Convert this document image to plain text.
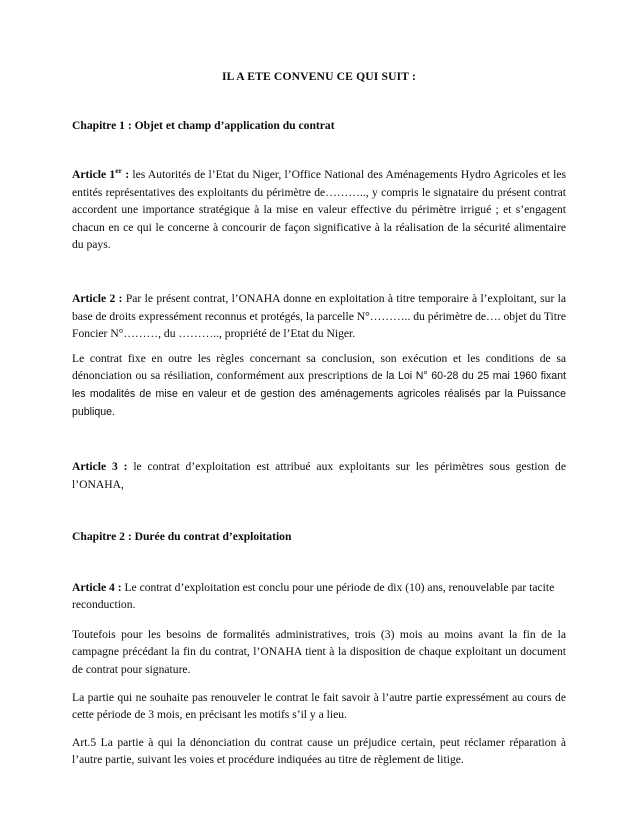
IL A ETE CONVENU CE QUI SUIT :
Chapitre 1 : Objet et champ d’application du contrat

Article 1er : les Autorités de l’Etat du Niger, l’Office National des Aménagements Hydro Agricoles et les entités représentatives des exploitants du périmètre de……….., y compris le signataire du présent contrat accordent une importance stratégique à la mise en valeur effective du périmètre irrigué ; et s’engagent chacun en ce qui le concerne à concourir de façon significative à la réalisation de la sécurité alimentaire du pays.

Article 2 : Par le présent contrat, l’ONAHA donne en exploitation à titre temporaire à l’exploitant, sur la base de droits expressément reconnus et protégés, la parcelle N°……….. du périmètre de…. objet du Titre Foncier N°………, du ……….., propriété de l’Etat du Niger.

Le contrat fixe en outre les règles concernant sa conclusion, son exécution et les conditions de sa dénonciation ou sa résiliation, conformément aux prescriptions de la Loi N° 60-28 du 25 mai 1960 fixant les modalités de mise en valeur et de gestion des aménagements agricoles réalisés par la Puissance publique.

Article 3 : le contrat d’exploitation est attribué aux exploitants sur les périmètres sous gestion de l’ONAHA,

Chapitre 2 : Durée du contrat d’exploitation

Article 4 : Le contrat d’exploitation est conclu pour une période de dix (10) ans, renouvelable par tacite reconduction.

Toutefois pour les besoins de formalités administratives, trois (3) mois au moins avant la fin de la campagne précédant la fin du contrat, l’ONAHA tient à la disposition de chaque exploitant un document de contrat pour signature.

La partie qui ne souhaite pas renouveler le contrat le fait savoir à l’autre partie expressément au cours de cette période de 3 mois, en précisant les motifs s’il y a lieu.

Art.5 La partie à qui la dénonciation du contrat cause un préjudice certain, peut réclamer réparation à l’autre partie, suivant les voies et procédure indiquées au titre de règlement de litige.
